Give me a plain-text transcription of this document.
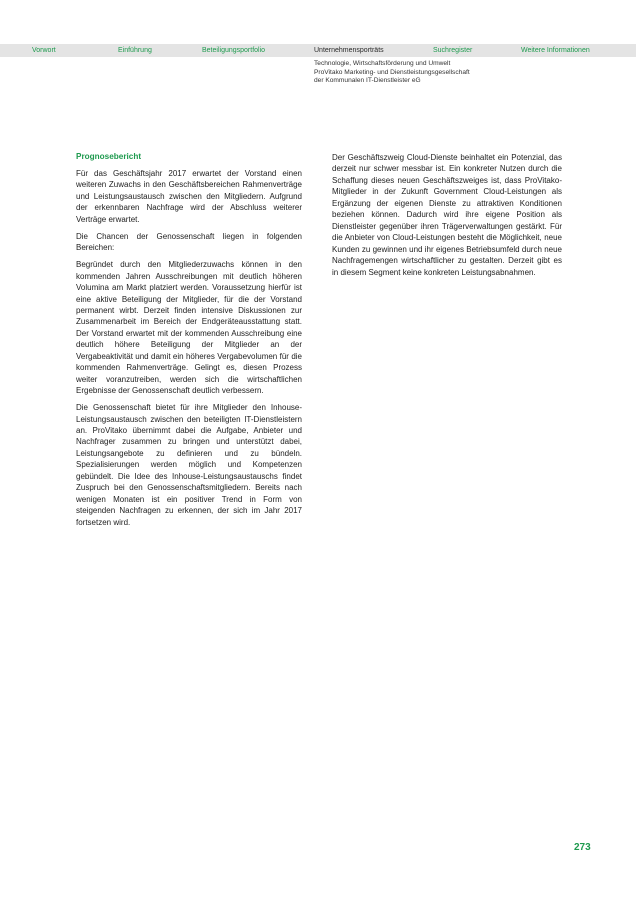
Vorwort	Einführung	Beteiligungsportfolio	Unternehmensporträts	Suchregister	Weitere Informationen
Technologie, Wirtschaftsförderung und Umwelt
ProVitako Marketing- und Dienstleistungsgesellschaft
der Kommunalen IT-Dienstleister eG
Prognosebericht

Für das Geschäftsjahr 2017 erwartet der Vorstand einen weiteren Zuwachs in den Geschäftsbereichen Rahmenverträge und Leistungsaustausch zwischen den Mitgliedern. Aufgrund der erkennbaren Nachfrage wird der Abschluss weiterer Verträge erwartet.

Die Chancen der Genossenschaft liegen in folgenden Bereichen:

Begründet durch den Mitgliederzuwachs können in den kommenden Jahren Ausschreibungen mit deutlich höheren Volumina am Markt platziert werden. Voraussetzung hierfür ist eine aktive Beteiligung der Mitglieder, für die der Vorstand permanent wirbt. Derzeit finden intensive Diskussionen zur Zusammenarbeit im Bereich der Endgeräteausstattung statt. Der Vorstand erwartet mit der kommenden Ausschreibung eine deutlich höhere Beteiligung der Mitglieder an der Vergabeaktivität und damit ein höheres Vergabevolumen für die kommenden Rahmenverträge. Gelingt es, diesen Prozess weiter voranzutreiben, werden sich die wirtschaftlichen Ergebnisse der Genossenschaft deutlich verbessern.

Die Genossenschaft bietet für ihre Mitglieder den Inhouse-Leistungsaustausch zwischen den beteiligten IT-Dienstleistern an. ProVitako übernimmt dabei die Aufgabe, Anbieter und Nachfrager zusammen zu bringen und unterstützt dabei, Leistungsangebote zu definieren und zu bündeln. Spezialisierungen werden möglich und Kompetenzen gebündelt. Die Idee des Inhouse-Leistungsaustauschs findet Zuspruch bei den Genossenschaftsmitgliedern. Bereits nach wenigen Monaten ist ein positiver Trend in Form von steigenden Nachfragen zu erkennen, der sich im Jahr 2017 fortsetzen wird.

Der Geschäftszweig Cloud-Dienste beinhaltet ein Potenzial, das derzeit nur schwer messbar ist. Ein konkreter Nutzen durch die Schaffung dieses neuen Geschäftszweiges ist, dass ProVitako-Mitglieder in der Zukunft Government Cloud-Leistungen als Ergänzung der eigenen Dienste zu attraktiven Konditionen beziehen können. Dadurch wird ihre eigene Position als Dienstleister gegenüber ihren Trägerverwaltungen gestärkt. Für die Anbieter von Cloud-Leistungen besteht die Möglichkeit, neue Kunden zu gewinnen und ihr eigenes Betriebsumfeld durch neue Nachfragemengen wirtschaftlicher zu gestalten. Derzeit gibt es in diesem Segment keine konkreten Leistungsabnahmen.

273
